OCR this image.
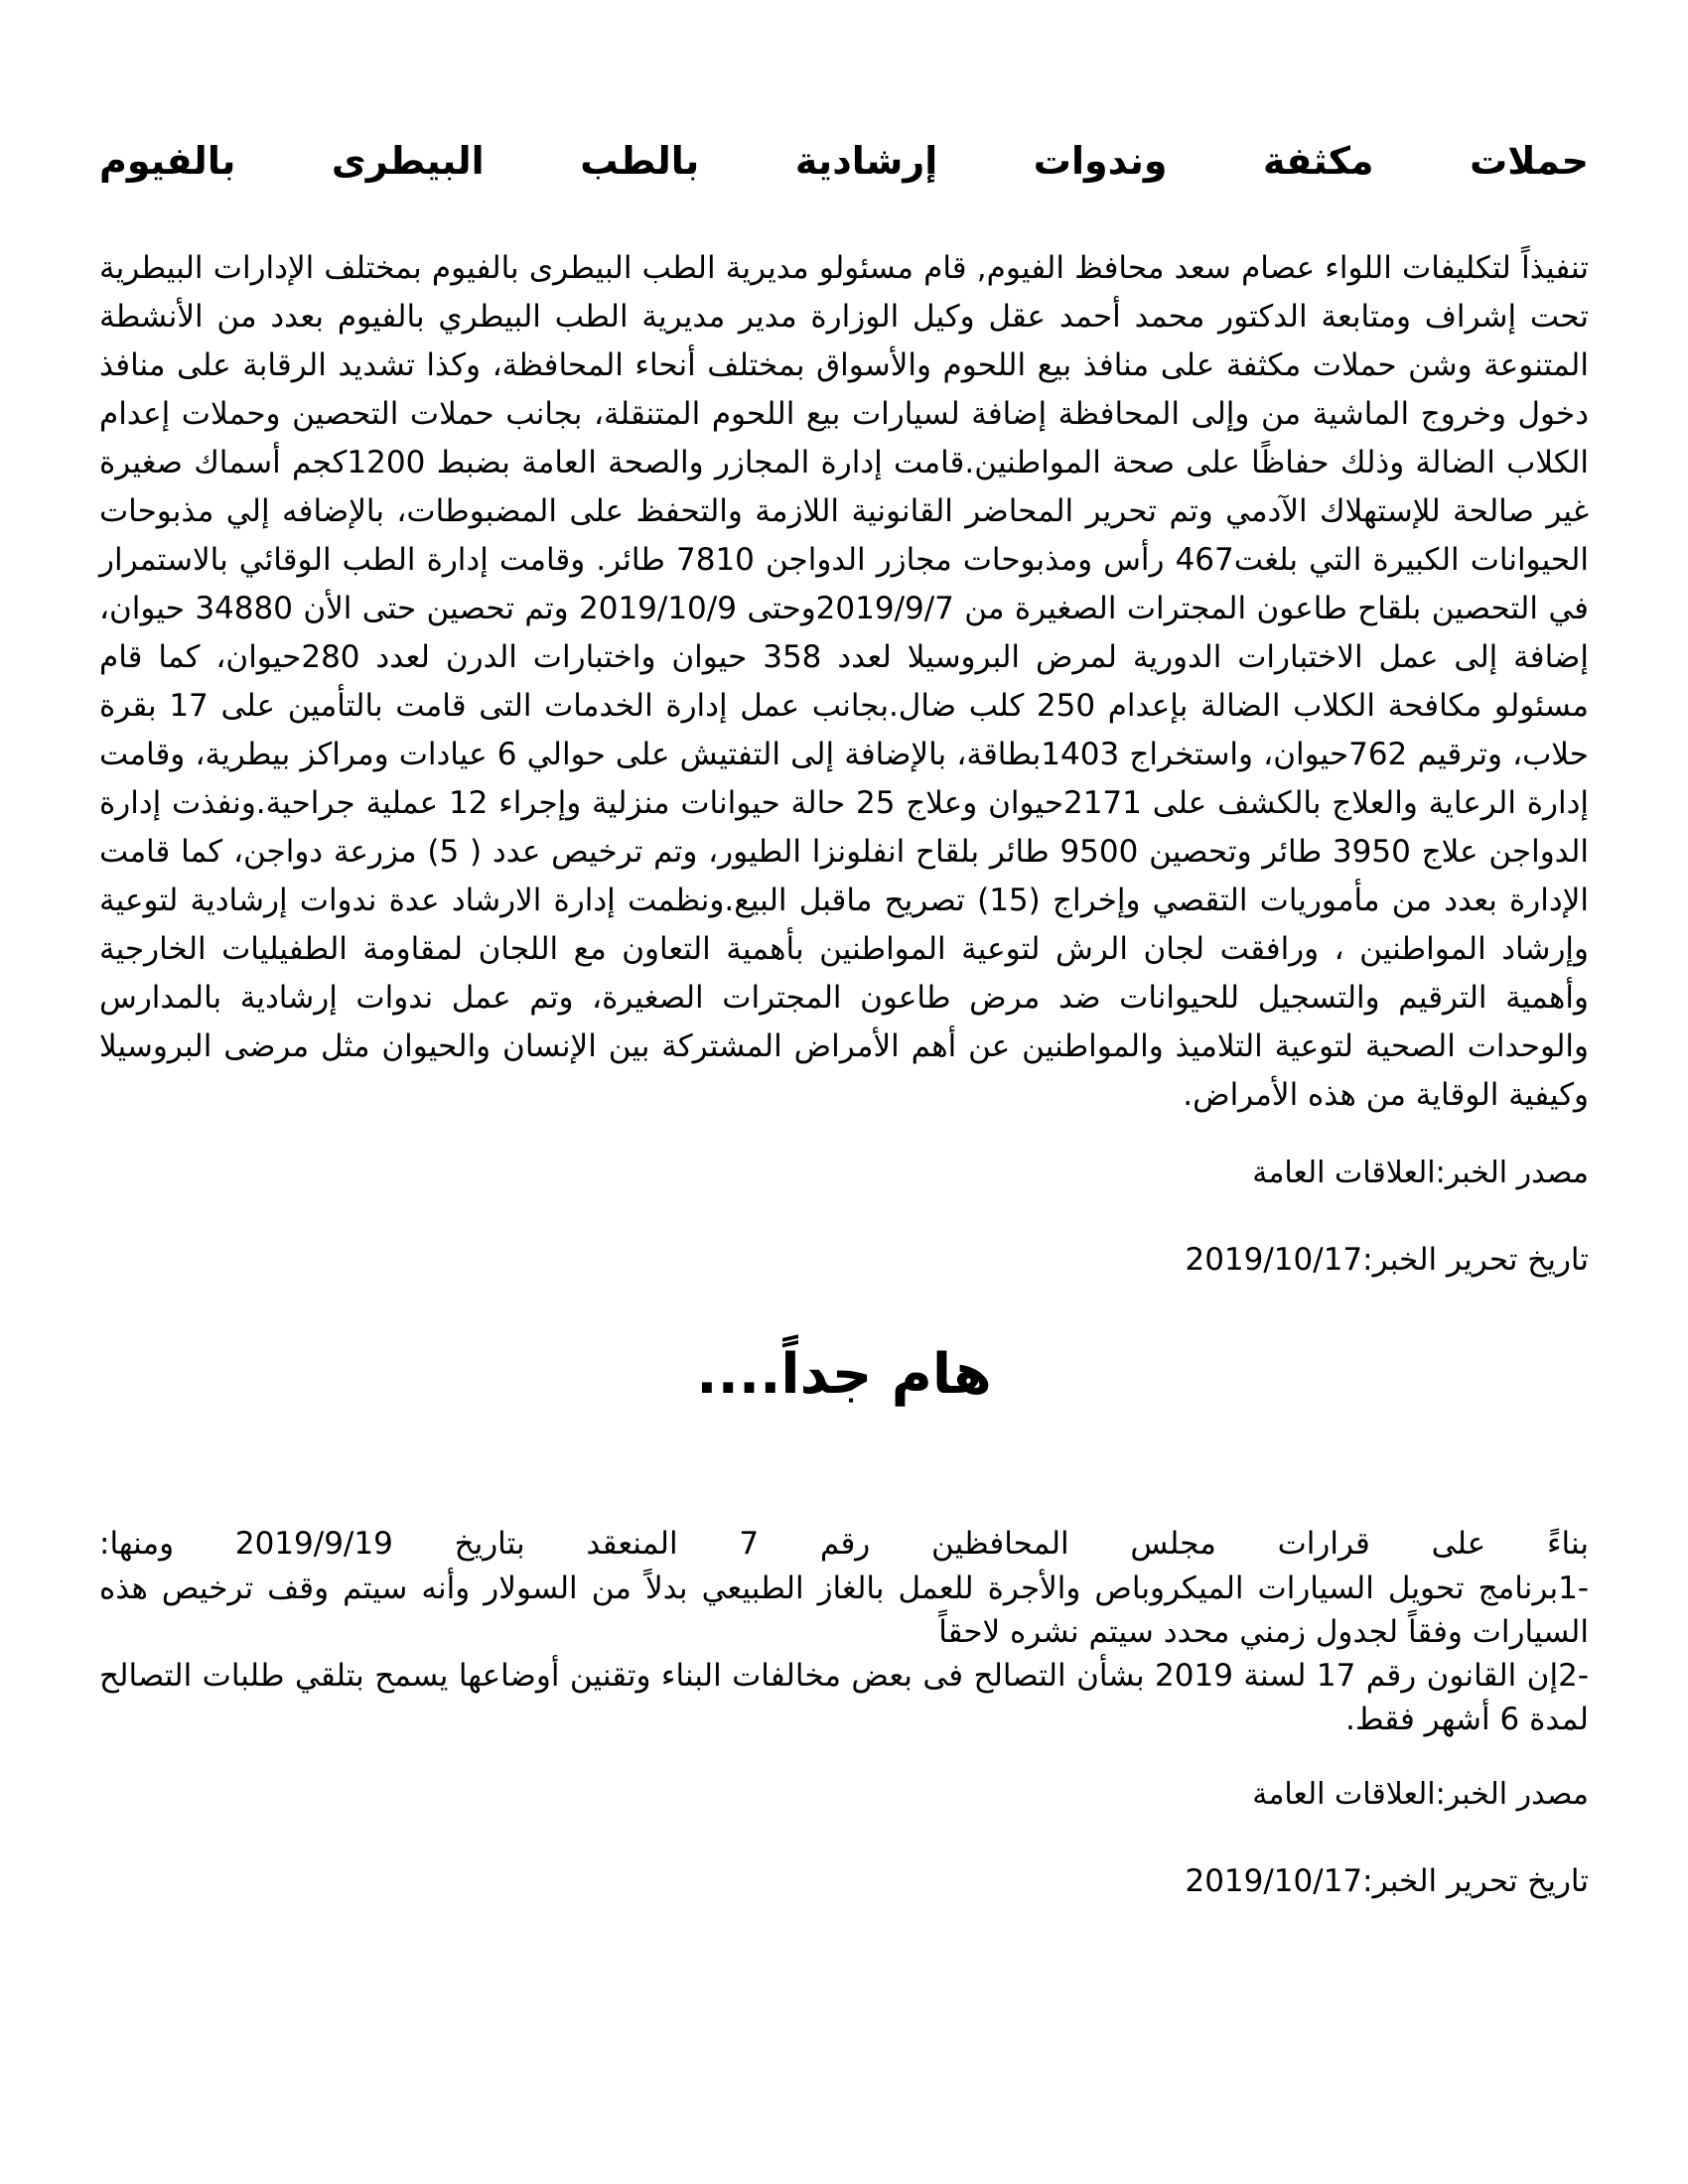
حملات
مكثفة
وندوات
إرشادية
بالطب
البيطرى
بالفيوم

تنفيذاً لتكليفات اللواء عصام سعد محافظ الفيوم, قام مسئولو مديرية الطب البيطرى بالفيوم بمختلف الإدارات البيطرية تحت إشراف ومتابعة الدكتور محمد أحمد عقل وكيل الوزارة مدير مديرية الطب البيطري بالفيوم بعدد من الأنشطة المتنوعة وشن حملات مكثفة على منافذ بيع اللحوم والأسواق بمختلف أنحاء المحافظة، وكذا تشديد الرقابة على منافذ دخول وخروج الماشية من وإلى المحافظة إضافة لسيارات بيع اللحوم المتنقلة، بجانب حملات التحصين وحملات إعدام الكلاب الضالة وذلك حفاظًا على صحة المواطنين.قامت إدارة المجازر والصحة العامة بضبط 1200كجم أسماك صغيرة غير صالحة للإستهلاك الآدمي وتم تحرير المحاضر القانونية اللازمة والتحفظ على المضبوطات، بالإضافه إلي مذبوحات الحيوانات الكبيرة التي بلغت467 رأس ومذبوحات مجازر الدواجن 7810 طائر. وقامت إدارة الطب الوقائي بالاستمرار في التحصين بلقاح طاعون المجترات الصغيرة من 2019/9/7وحتى 2019/10/9 وتم تحصين حتى الأن 34880 حيوان، إضافة إلى عمل الاختبارات الدورية لمرض البروسيلا لعدد 358 حيوان واختبارات الدرن لعدد 280حيوان، كما قام مسئولو مكافحة الكلاب الضالة بإعدام 250 كلب ضال.بجانب عمل إدارة الخدمات التى قامت بالتأمين على 17 بقرة حلاب، وترقيم 762حيوان، واستخراج 1403بطاقة، بالإضافة إلى التفتيش على حوالي 6 عيادات ومراكز بيطرية، وقامت إدارة الرعاية والعلاج بالكشف على 2171حيوان وعلاج 25 حالة حيوانات منزلية وإجراء 12 عملية جراحية.ونفذت إدارة الدواجن علاج 3950 طائر وتحصين 9500 طائر بلقاح انفلونزا الطيور، وتم ترخيص عدد ( 5) مزرعة دواجن، كما قامت الإدارة بعدد من مأموريات التقصي وإخراج (15) تصريح ماقبل البيع.ونظمت إدارة الارشاد عدة ندوات إرشادية لتوعية وإرشاد المواطنين ، ورافقت لجان الرش لتوعية المواطنين بأهمية التعاون مع اللجان لمقاومة الطفيليات الخارجية وأهمية الترقيم والتسجيل للحيوانات ضد مرض طاعون المجترات الصغيرة، وتم عمل ندوات إرشادية بالمدارس والوحدات الصحية لتوعية التلاميذ والمواطنين عن أهم الأمراض المشتركة بين الإنسان والحيوان مثل مرضى البروسيلا وكيفية الوقاية من هذه الأمراض.

مصدر الخبر:العلاقات العامة

تاريخ تحرير الخبر:2019/10/17

هام جداً....
بناءً
على
قرارات
مجلس
المحافظين
رقم
7
المنعقد
بتاريخ
2019/9/19
ومنها:

-1برنامج تحويل السيارات الميكروباص والأجرة للعمل بالغاز الطبيعي بدلاً من السولار وأنه سيتم وقف ترخيص هذه السيارات وفقاً لجدول زمني محدد سيتم نشره لاحقاً

-2إن القانون رقم 17 لسنة 2019 بشأن التصالح فى بعض مخالفات البناء وتقنين أوضاعها يسمح بتلقي طلبات التصالح لمدة 6 أشهر فقط.

مصدر الخبر:العلاقات العامة

تاريخ تحرير الخبر:2019/10/17
